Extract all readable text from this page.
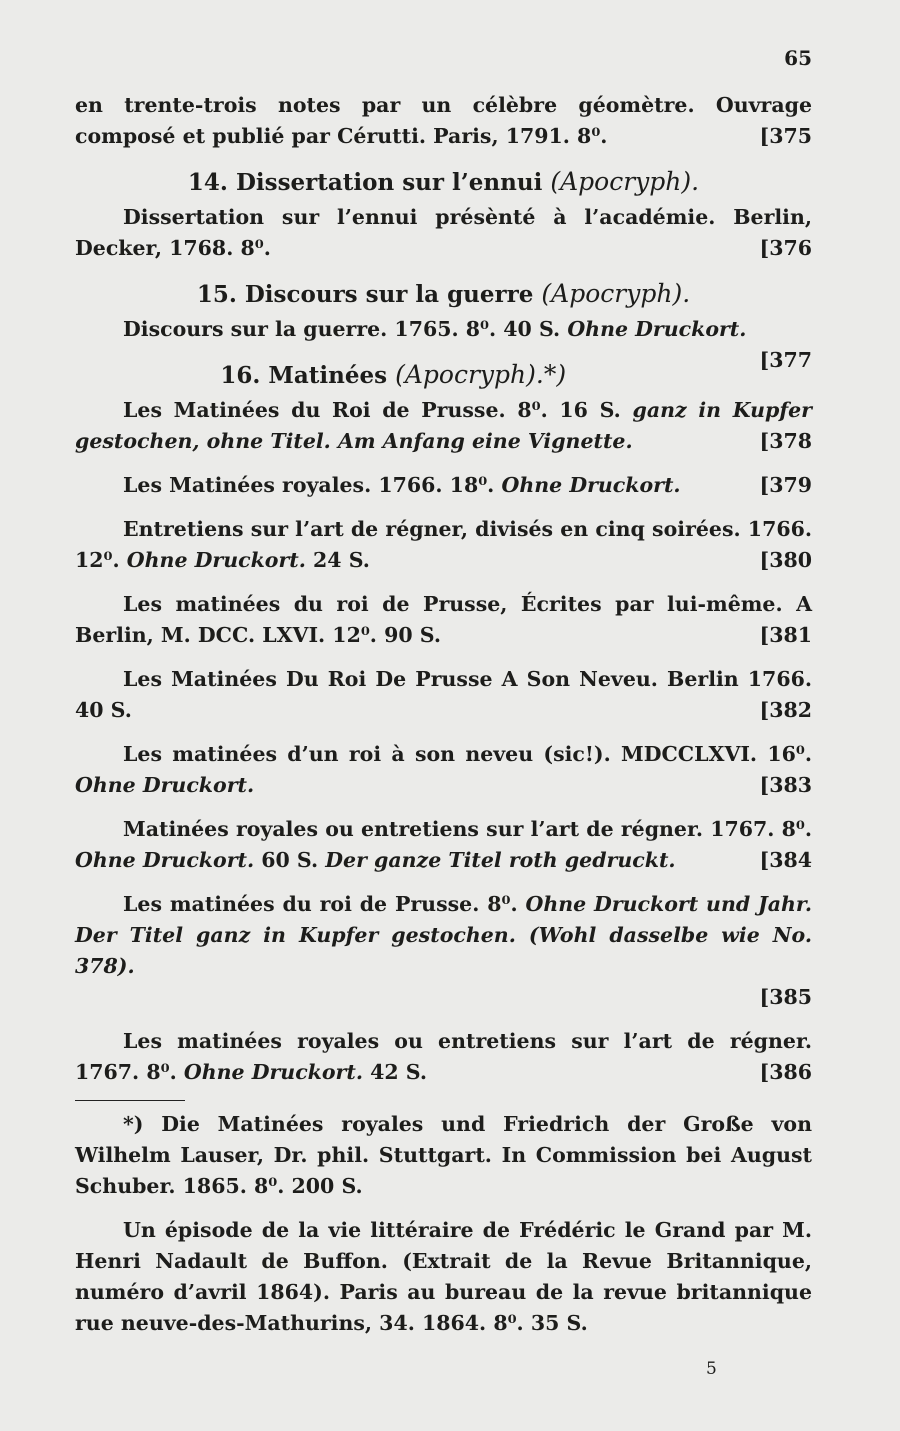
65

en trente-trois notes par un célèbre géomètre. Ouvrage composé et publié par Cérutti. Paris, 1791. 8⁰.	[375

14. Dissertation sur l’ennui (Apocryph).

Dissertation sur l’ennui présènté à l’académie. Berlin, Decker, 1768. 8⁰.	[376

15. Discours sur la guerre (Apocryph).

Discours sur la guerre. 1765. 8⁰. 40 S. Ohne Druckort.
[377

16. Matinées (Apocryph).*)

Les Matinées du Roi de Prusse. 8⁰. 16 S. ganz in Kupfer gestochen, ohne Titel. Am Anfang eine Vignette.	[378

Les Matinées royales. 1766. 18⁰. Ohne Druckort.	[379

Entretiens sur l’art de régner, divisés en cinq soirées. 1766. 12⁰. Ohne Druckort. 24 S.	[380

Les matinées du roi de Prusse, Écrites par lui-même. A Berlin, M. DCC. LXVI. 12⁰. 90 S.	[381

Les Matinées Du Roi De Prusse A Son Neveu. Berlin 1766. 40 S.	[382

Les matinées d’un roi à son neveu (sic!). MDCCLXVI. 16⁰. Ohne Druckort.	[383

Matinées royales ou entretiens sur l’art de régner. 1767. 8⁰. Ohne Druckort. 60 S. Der ganze Titel roth gedruckt.	[384

Les matinées du roi de Prusse. 8⁰. Ohne Druckort und Jahr. Der Titel ganz in Kupfer gestochen. (Wohl dasselbe wie No. 378).

[385

Les matinées royales ou entretiens sur l’art de régner. 1767. 8⁰. Ohne Druckort. 42 S.	[386

*) Die Matinées royales und Friedrich der Große von Wilhelm Lauser, Dr. phil. Stuttgart. In Commission bei August Schuber. 1865. 8⁰. 200 S.

Un épisode de la vie littéraire de Frédéric le Grand par M. Henri Nadault de Buffon. (Extrait de la Revue Britannique, numéro d’avril 1864). Paris au bureau de la revue britannique rue neuve-des-Mathurins, 34. 1864. 8⁰. 35 S.

5
